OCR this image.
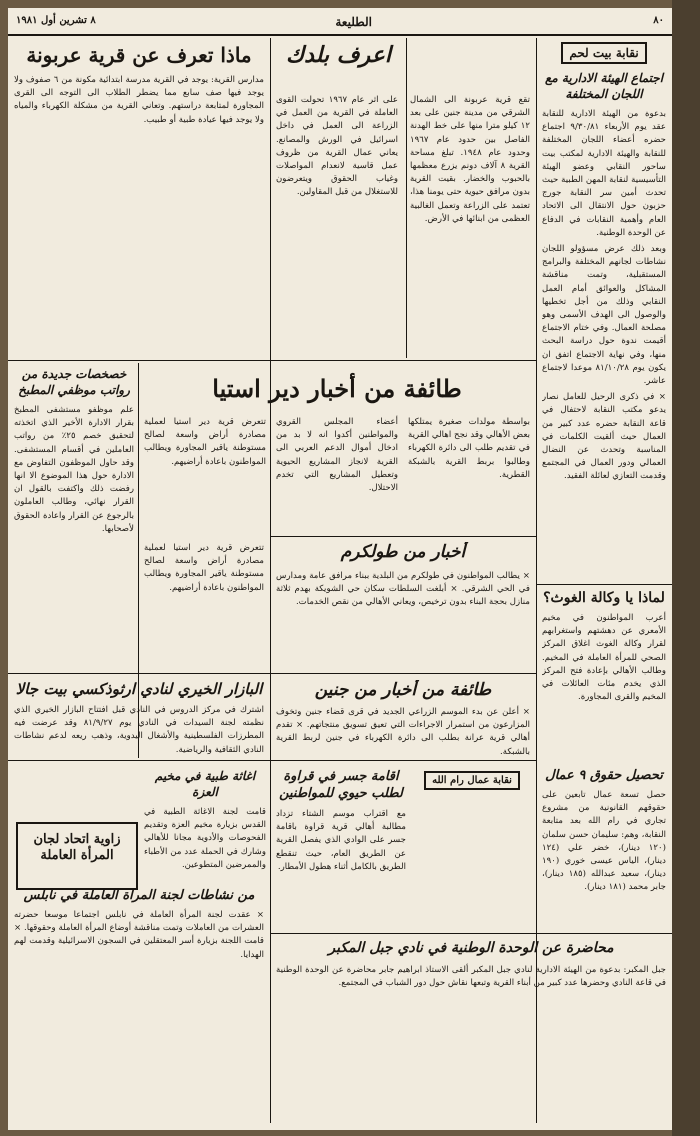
٨٠
الطليعة
٨ تشرين أول ١٩٨١
نقابة بيت لحم
اجتماع الهيئة الادارية مع اللجان المختلفة

بدعوة من الهيئة الادارية للنقابة عقد يوم الأربعاء ٩/٣٠/٨١ اجتماع حضره أعضاء اللجان المختلفة للنقابة والهيئة الادارية لمكتب بيت ساحور النقابي وعضو الهيئة التأسيسية لنقابة المهن الطبية حيث تحدث أمين سر النقابة جورج حزبون حول الانتقال الى الاتحاد العام وأهمية النقابات في الدفاع عن الوحدة الوطنية.

وبعد ذلك عرض مسؤولو اللجان نشاطات لجانهم المختلفة والبرامج المستقبلية، وتمت مناقشة المشاكل والعوائق أمام العمل النقابي وذلك من أجل تخطيها والوصول الى الهدف الأسمى وهو مصلحة العمال. وفي ختام الاجتماع أقيمت ندوة حول دراسة البحث منها، وفي نهاية الاجتماع اتفق ان يكون يوم ٨١/١٠/٢٨ موعدا لاجتماع عاشر.

× في ذكرى الرحيل للعامل نصار يدعو مكتب النقابة لاحتفال في قاعة النقابة حضره عدد كبير من العمال حيث ألقيت الكلمات في المناسبة وتحدث عن النضال العمالي ودور العمال في المجتمع وقدمت التعازي لعائلة الفقيد.

لماذا يا وكالة الغوث؟

أعرب المواطنون في مخيم الأمعري عن دهشتهم واستغرابهم لقرار وكالة الغوث اغلاق المركز الصحي للمرأة العاملة في المخيم. وطالب الأهالي بإعادة فتح المركز الذي يخدم مئات العائلات في المخيم والقرى المجاورة.

تحصيل حقوق ٩ عمال

حصل تسعة عمال تابعين على حقوقهم القانونية من مشروع تجاري في رام الله بعد متابعة النقابة، وهم: سليمان حسن سلمان (١٢٠ دينار)، خضر علي (١٢٤ دينار)، الياس عيسى خوري (١٩٠ دينار)، سعيد عبدالله (١٨٥ دينار)، جابر محمد (١٨١ دينار).

نقابة عمال رام الله
اعرف بلدك

تقع قرية عربونة الى الشمال الشرقي من مدينة جنين على بعد ١٢ كيلو مترا منها على خط الهدنة الفاصل بين حدود عام ١٩٦٧ وحدود عام ١٩٤٨. تبلغ مساحة القرية ٨ آلاف دونم يزرع معظمها بالحبوب والخضار. بقيت القرية بدون مرافق حيوية حتى يومنا هذا، تعتمد على الزراعة وتعمل الغالبية العظمى من ابنائها في الأرض.

على اثر عام ١٩٦٧ تحولت القوى العاملة في القرية من العمل في الزراعة الى العمل في داخل اسرائيل في الورش والمصانع. يعاني عمال القرية من ظروف عمل قاسية لانعدام المواصلات وغياب الحقوق ويتعرضون للاستغلال من قبل المقاولين.

ماذا تعرف عن قرية عربونة

مدارس القرية: يوجد في القرية مدرسة ابتدائية مكونة من ٦ صفوف ولا يوجد فيها صف سابع مما يضطر الطلاب الى التوجه الى القرى المجاورة لمتابعة دراستهم. وتعاني القرية من مشكلة الكهرباء والمياه ولا يوجد فيها عيادة طبية أو طبيب.

طائفة من أخبار دير استيا

بواسطة مولدات صغيرة يمتلكها بعض الأهالي وقد نجح اهالي القرية في تقديم طلب الى دائرة الكهرباء وطالبوا بربط القرية بالشبكة القطرية.

أعضاء المجلس القروي والمواطنين أكدوا انه لا بد من ادخال أموال الدعم العربي الى القرية لانجاز المشاريع الحيوية وتعطيل المشاريع التي تخدم الاحتلال.

تتعرض قرية دير استيا لعملية مصادرة أراض واسعة لصالح مستوطنة ياقير المجاورة ويطالب المواطنون باعادة أراضيهم.

خصخصات جديدة من رواتب موظفي المطبخ

علم موظفو مستشفى المطبخ بقرار الادارة الأخير الذي اتخذته لتحقيق خصم ٢٥٪ من رواتب العاملين في أقسام المستشفى. وقد حاول الموظفون التفاوض مع الادارة حول هذا الموضوع الا انها رفضت ذلك واكتفت بالقول ان القرار نهائي، وطالب العاملون بالرجوع عن القرار واعادة الحقوق لأصحابها.

أخبار من طولكرم

× يطالب المواطنون في طولكرم من البلدية ببناء مرافق عامة ومدارس في الحي الشرقي. × أبلغت السلطات سكان حي الشويكة بهدم ثلاثة منازل بحجة البناء بدون ترخيص، ويعاني الأهالي من نقص الخدمات.

تتعرض قرية دير استيا لعملية مصادرة أراض واسعة لصالح مستوطنة ياقير المجاورة ويطالب المواطنون باعادة أراضيهم.

البازار الخيري لنادي ارثوذكسي بيت جالا

اشترك في مركز الدروس في النادي قبل افتتاح البازار الخيري الذي نظمته لجنة السيدات في النادي يوم ٨١/٩/٢٧ وقد عرضت فيه المطرزات الفلسطينية والأشغال اليدوية، وذهب ريعه لدعم نشاطات النادي الثقافية والرياضية.

طائفة من أخبار من جنين

× أعلن عن بدء الموسم الزراعي الجديد في قرى قضاء جنين وتخوف المزارعون من استمرار الاجراءات التي تعيق تسويق منتجاتهم. × تقدم أهالي قرية عرانة بطلب الى دائرة الكهرباء في جنين لربط القرية بالشبكة.

اقامة جسر في قراوة لطلب حيوي للمواطنين

مع اقتراب موسم الشتاء تزداد مطالبة أهالي قرية قراوة باقامة جسر على الوادي الذي يفصل القرية عن الطريق العام، حيث تنقطع الطريق بالكامل أثناء هطول الأمطار.

اغاثة طبية في مخيم العزة

قامت لجنة الاغاثة الطبية في القدس بزيارة مخيم العزة وتقديم الفحوصات والأدوية مجانا للأهالي وشارك في الحملة عدد من الأطباء والممرضين المتطوعين.

زاوية اتحاد لجان المرأة العاملة
من نشاطات لجنة المرأة العاملة في نابلس

× عقدت لجنة المرأة العاملة في نابلس اجتماعا موسعا حضرته العشرات من العاملات وتمت مناقشة أوضاع المرأة العاملة وحقوقها. × قامت اللجنة بزيارة أسر المعتقلين في السجون الاسرائيلية وقدمت لهم الهدايا.	محاضرة عن الوحدة الوطنية في نادي جبل المكبر

جبل المكبر: بدعوة من الهيئة الادارية لنادي جبل المكبر ألقى الاستاذ ابراهيم جابر محاضرة عن الوحدة الوطنية في قاعة النادي وحضرها عدد كبير من أبناء القرية وتبعها نقاش حول دور الشباب في المجتمع.
